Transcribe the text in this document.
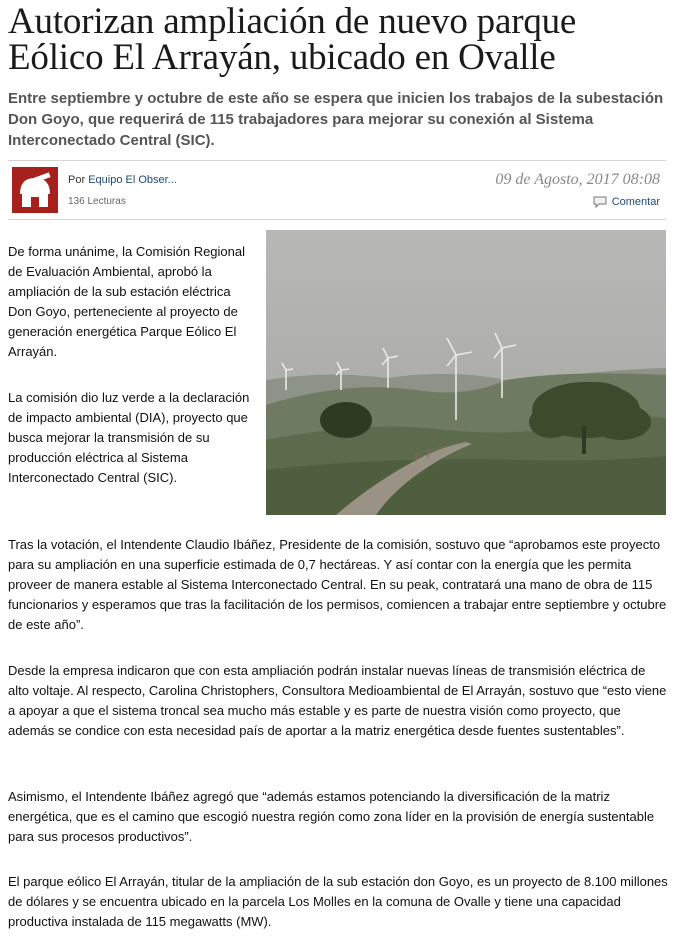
Autorizan ampliación de nuevo parque Eólico El Arrayán, ubicado en Ovalle

Entre septiembre y octubre de este año se espera que inicien los trabajos de la subestación Don Goyo, que requerirá de 115 trabajadores para mejorar su conexión al Sistema Interconectado Central (SIC).

Por Equipo El Obser...
136 Lecturas
09 de Agosto, 2017 08:08
Comentar

De forma unánime, la Comisión Regional de Evaluación Ambiental, aprobó la ampliación de la sub estación eléctrica Don Goyo, perteneciente al proyecto de generación energética Parque Eólico El Arrayán.

La comisión dio luz verde a la declaración de impacto ambiental (DIA), proyecto que busca mejorar la transmisión de su producción eléctrica al Sistema Interconectado Central (SIC).

Tras la votación, el Intendente Claudio Ibáñez, Presidente de la comisión, sostuvo que “aprobamos este proyecto para su ampliación en una superficie estimada de 0,7 hectáreas. Y así contar con la energía que les permita proveer de manera estable al Sistema Interconectado Central. En su peak, contratará una mano de obra de 115 funcionarios y esperamos que tras la facilitación de los permisos, comiencen a trabajar entre septiembre y octubre de este año”.

Desde la empresa indicaron que con esta ampliación podrán instalar nuevas líneas de transmisión eléctrica de alto voltaje. Al respecto, Carolina Christophers, Consultora Medioambiental de El Arrayán, sostuvo que “esto viene a apoyar a que el sistema troncal sea mucho más estable y es parte de nuestra visión como proyecto, que además se condice con esta necesidad país de aportar a la matriz energética desde fuentes sustentables”.

Asimismo, el Intendente Ibáñez agregó que “además estamos potenciando la diversificación de la matriz energética, que es el camino que escogió nuestra región como zona líder en la provisión de energía sustentable para sus procesos productivos”.

El parque eólico El Arrayán, titular de la ampliación de la sub estación don Goyo, es un proyecto de 8.100 millones de dólares y se encuentra ubicado en la parcela Los Molles en la comuna de Ovalle y tiene una capacidad productiva instalada de 115 megawatts (MW).
